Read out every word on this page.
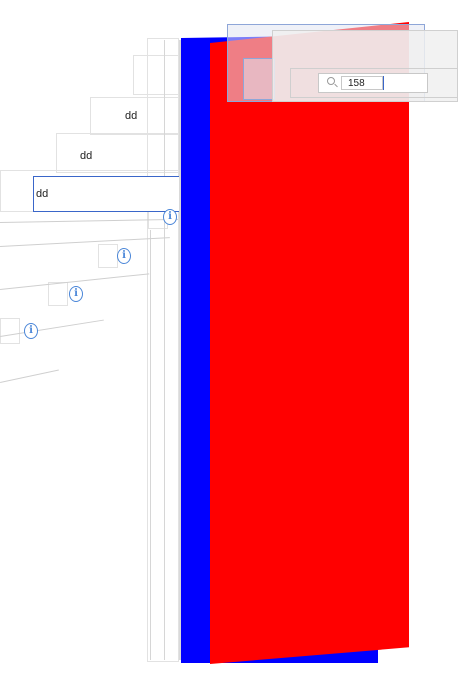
dd
dd
dd
i
i
i
i
158
